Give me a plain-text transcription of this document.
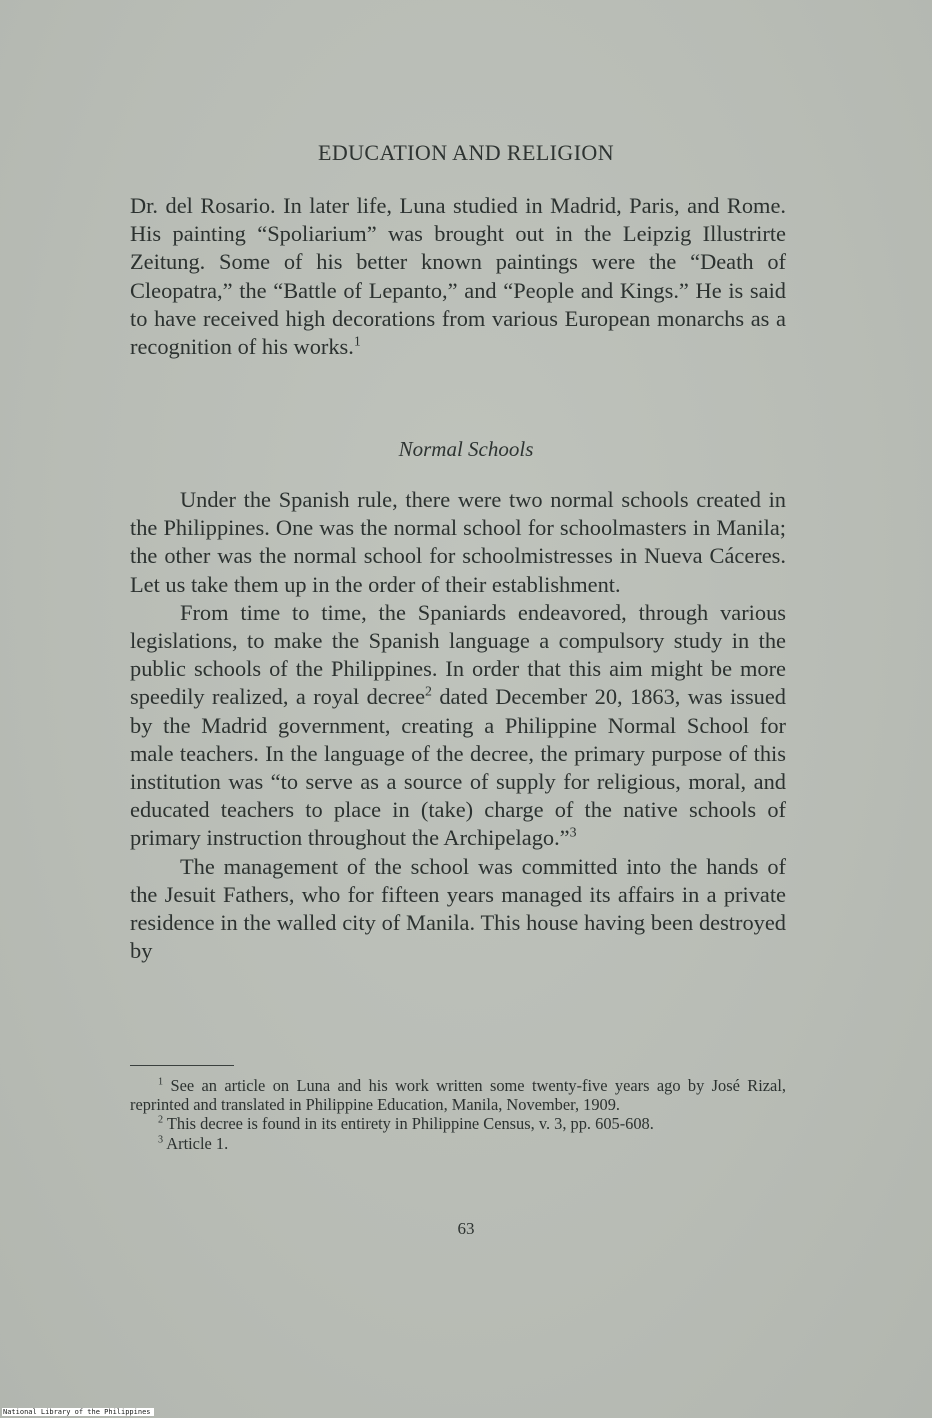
EDUCATION AND RELIGION

Dr. del Rosario. In later life, Luna studied in Madrid, Paris, and Rome. His painting “Spoliarium” was brought out in the Leipzig Illustrirte Zeitung. Some of his better known paintings were the “Death of Cleopatra,” the “Battle of Lepanto,” and “People and Kings.” He is said to have received high decorations from various European monarchs as a recognition of his works.$^1$

Normal Schools

Under the Spanish rule, there were two normal schools created in the Philippines. One was the normal school for schoolmasters in Manila; the other was the normal school for schoolmistresses in Nueva Cáceres. Let us take them up in the order of their establishment.

From time to time, the Spaniards endeavored, through various legislations, to make the Spanish language a compulsory study in the public schools of the Philippines. In order that this aim might be more speedily realized, a royal decree$^2$ dated December 20, 1863, was issued by the Madrid government, creating a Philippine Normal School for male teachers. In the language of the decree, the primary purpose of this institution was “to serve as a source of supply for religious, moral, and educated teachers to place in (take) charge of the native schools of primary instruction throughout the Archipelago.”$^3$

The management of the school was committed into the hands of the Jesuit Fathers, who for fifteen years managed its affairs in a private residence in the walled city of Manila. This house having been destroyed by

$^1$ See an article on Luna and his work written some twenty-five years ago by José Rizal, reprinted and translated in Philippine Education, Manila, November, 1909.

$^2$ This decree is found in its entirety in Philippine Census, v. 3, pp. 605-608.

$^3$ Article 1.

63
National Library of the Philippines
